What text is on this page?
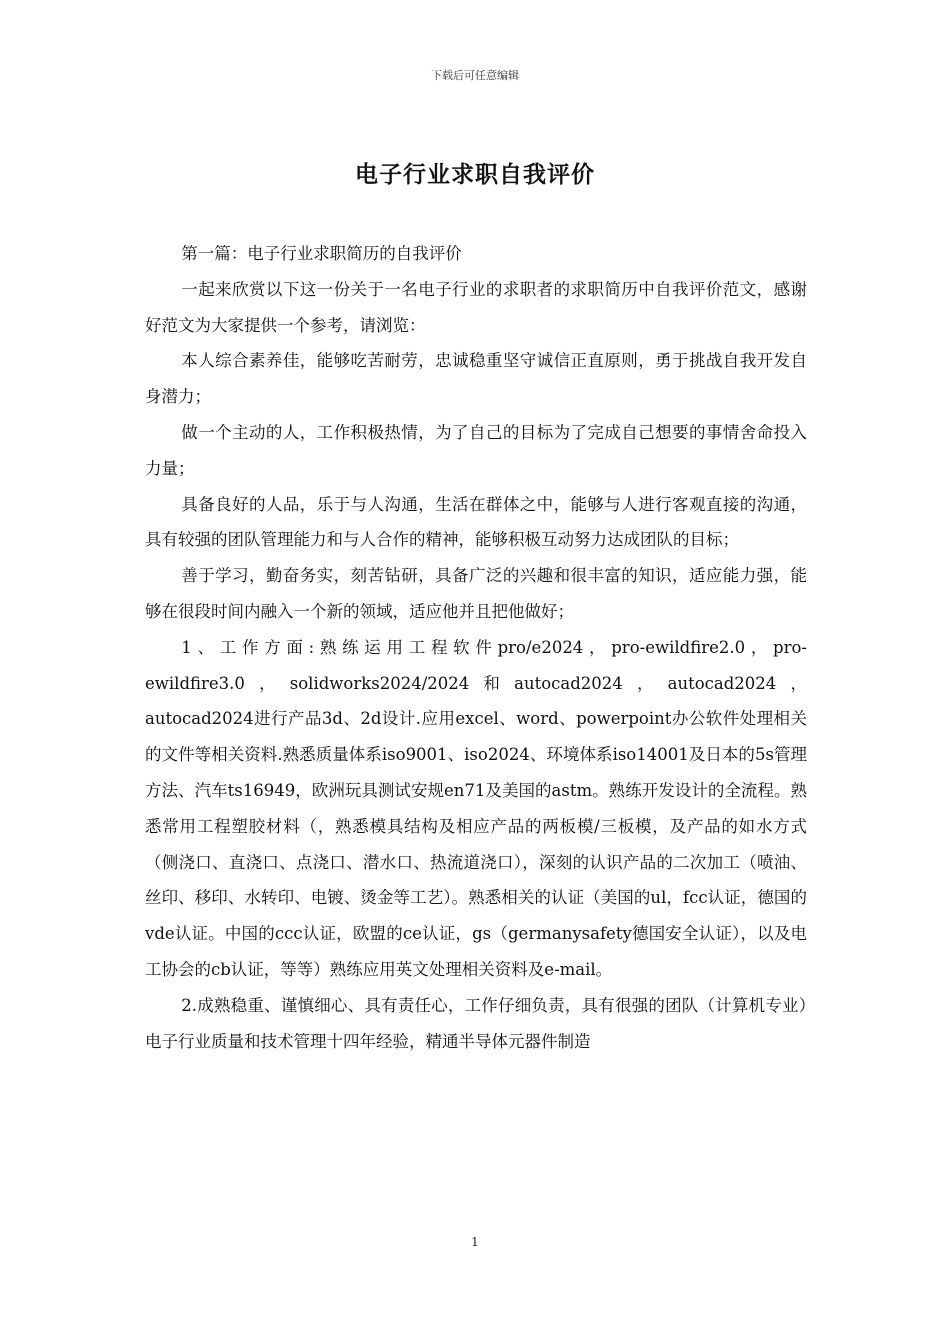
下载后可任意编辑
电子行业求职自我评价

第一篇：电子行业求职简历的自我评价

一起来欣赏以下这一份关于一名电子行业的求职者的求职简历中自我评价范文，感谢好范文为大家提供一个参考，请浏览：

本人综合素养佳，能够吃苦耐劳，忠诚稳重坚守诚信正直原则，勇于挑战自我开发自身潜力；

做一个主动的人，工作积极热情，为了自己的目标为了完成自己想要的事情舍命投入力量；

具备良好的人品，乐于与人沟通，生活在群体之中，能够与人进行客观直接的沟通，具有较强的团队管理能力和与人合作的精神，能够积极互动努力达成团队的目标；

善于学习，勤奋务实，刻苦钻研，具备广泛的兴趣和很丰富的知识，适应能力强，能够在很段时间内融入一个新的领域，适应他并且把他做好；

1、工作方面:熟练运用工程软件pro/e2024，pro-ewildfire2.0，pro-ewildfire3.0，solidworks2024/2024和autocad2024，autocad2024，autocad2024进行产品3d、2d设计.应用excel、word、powerpoint办公软件处理相关的文件等相关资料.熟悉质量体系iso9001、iso2024、环境体系iso14001及日本的5s管理方法、汽车ts16949，欧洲玩具测试安规en71及美国的astm。熟练开发设计的全流程。熟悉常用工程塑胶材料（，熟悉模具结构及相应产品的两板模/三板模，及产品的如水方式（侧浇口、直浇口、点浇口、潜水口、热流道浇口），深刻的认识产品的二次加工（喷油、丝印、移印、水转印、电镀、烫金等工艺）。熟悉相关的认证（美国的ul，fcc认证，德国的vde认证。中国的ccc认证，欧盟的ce认证，gs（germanysafety德国安全认证），以及电工协会的cb认证，等等）熟练应用英文处理相关资料及e-mail。

2.成熟稳重、谨慎细心、具有责任心，工作仔细负责，具有很强的团队（计算机专业）电子行业质量和技术管理十四年经验，精通半导体元器件制造

1
